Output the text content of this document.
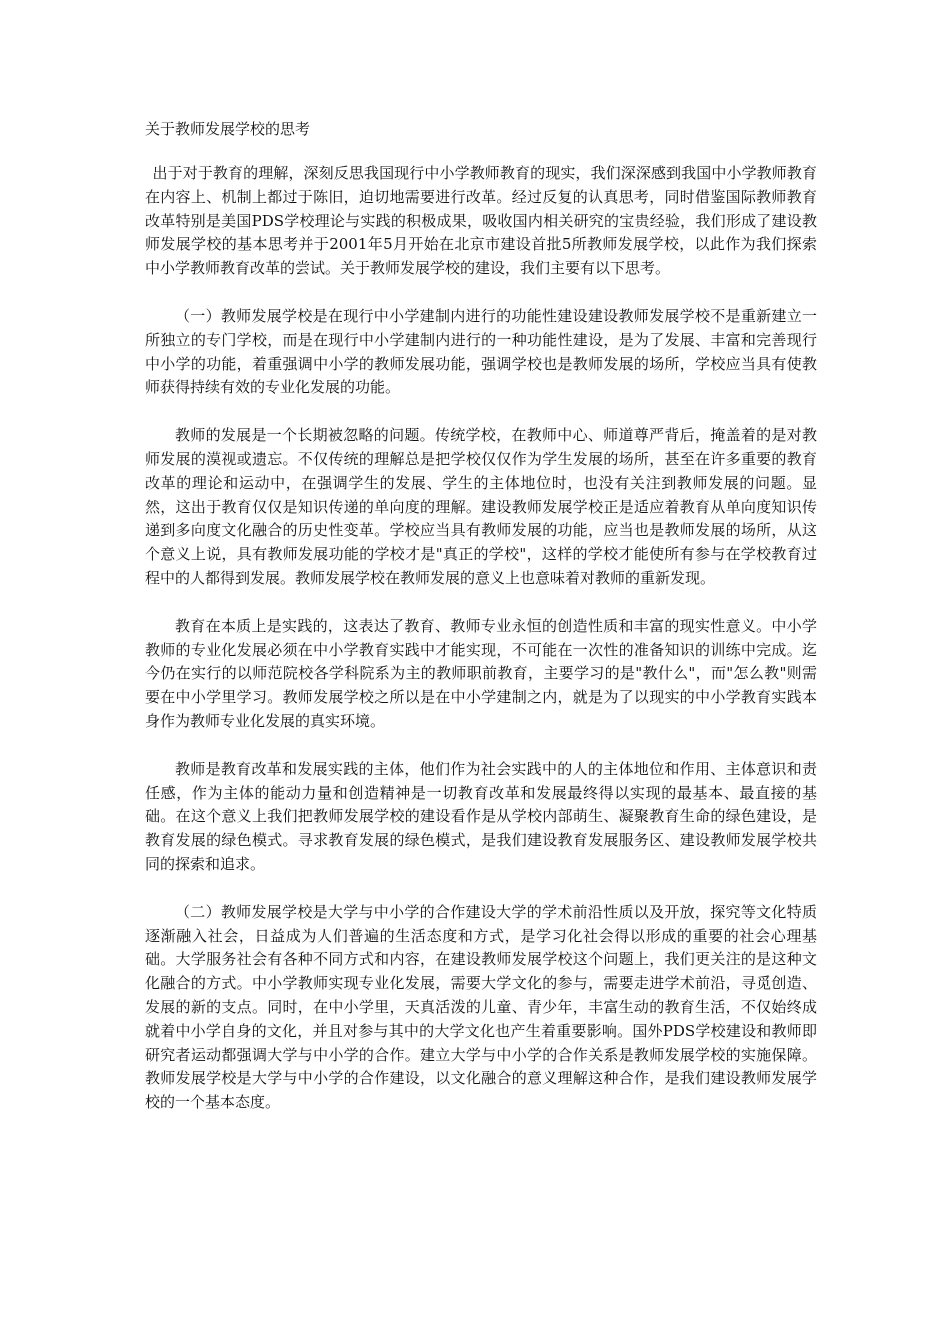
关于教师发展学校的思考

出于对于教育的理解，深刻反思我国现行中小学教师教育的现实，我们深深感到我国中小学教师教育在内容上、机制上都过于陈旧，迫切地需要进行改革。经过反复的认真思考，同时借鉴国际教师教育改革特别是美国PDS学校理论与实践的积极成果，吸收国内相关研究的宝贵经验，我们形成了建设教师发展学校的基本思考并于2001年5月开始在北京市建设首批5所教师发展学校，以此作为我们探索中小学教师教育改革的尝试。关于教师发展学校的建设，我们主要有以下思考。

（一）教师发展学校是在现行中小学建制内进行的功能性建设建设教师发展学校不是重新建立一所独立的专门学校，而是在现行中小学建制内进行的一种功能性建设，是为了发展、丰富和完善现行中小学的功能，着重强调中小学的教师发展功能，强调学校也是教师发展的场所，学校应当具有使教师获得持续有效的专业化发展的功能。

教师的发展是一个长期被忽略的问题。传统学校，在教师中心、师道尊严背后，掩盖着的是对教师发展的漠视或遗忘。不仅传统的理解总是把学校仅仅作为学生发展的场所，甚至在许多重要的教育改革的理论和运动中，在强调学生的发展、学生的主体地位时，也没有关注到教师发展的问题。显然，这出于教育仅仅是知识传递的单向度的理解。建设教师发展学校正是适应着教育从单向度知识传递到多向度文化融合的历史性变革。学校应当具有教师发展的功能，应当也是教师发展的场所，从这个意义上说，具有教师发展功能的学校才是"真正的学校"，这样的学校才能使所有参与在学校教育过程中的人都得到发展。教师发展学校在教师发展的意义上也意味着对教师的重新发现。

教育在本质上是实践的，这表达了教育、教师专业永恒的创造性质和丰富的现实性意义。中小学教师的专业化发展必须在中小学教育实践中才能实现，不可能在一次性的准备知识的训练中完成。迄今仍在实行的以师范院校各学科院系为主的教师职前教育，主要学习的是"教什么"，而"怎么教"则需要在中小学里学习。教师发展学校之所以是在中小学建制之内，就是为了以现实的中小学教育实践本身作为教师专业化发展的真实环境。

教师是教育改革和发展实践的主体，他们作为社会实践中的人的主体地位和作用、主体意识和责任感，作为主体的能动力量和创造精神是一切教育改革和发展最终得以实现的最基本、最直接的基础。在这个意义上我们把教师发展学校的建设看作是从学校内部萌生、凝聚教育生命的绿色建设，是教育发展的绿色模式。寻求教育发展的绿色模式，是我们建设教育发展服务区、建设教师发展学校共同的探索和追求。

（二）教师发展学校是大学与中小学的合作建设大学的学术前沿性质以及开放，探究等文化特质逐渐融入社会，日益成为人们普遍的生活态度和方式，是学习化社会得以形成的重要的社会心理基础。大学服务社会有各种不同方式和内容，在建设教师发展学校这个问题上，我们更关注的是这种文化融合的方式。中小学教师实现专业化发展，需要大学文化的参与，需要走进学术前沿，寻觅创造、发展的新的支点。同时，在中小学里，天真活泼的儿童、青少年，丰富生动的教育生活，不仅始终成就着中小学自身的文化，并且对参与其中的大学文化也产生着重要影响。国外PDS学校建设和教师即研究者运动都强调大学与中小学的合作。建立大学与中小学的合作关系是教师发展学校的实施保障。教师发展学校是大学与中小学的合作建设，以文化融合的意义理解这种合作，是我们建设教师发展学校的一个基本态度。
